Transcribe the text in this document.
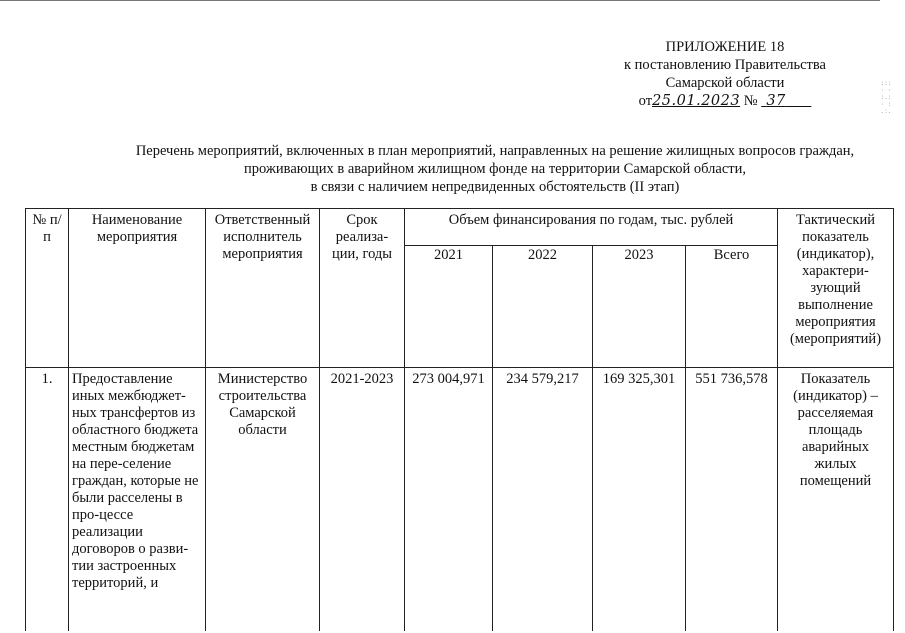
:::
· ·
:.:
· :
.:.
ПРИЛОЖЕНИЕ 18
к постановлению Правительства
Самарской области
от25.01.2023 № 37
Перечень мероприятий, включенных в план мероприятий, направленных на решение жилищных вопросов граждан,
проживающих в аварийном жилищном фонде на территории Самарской области,
в связи с наличием непредвиденных обстоятельств (II этап)
№ п/п	Наименование мероприятия	Ответственный исполнитель мероприятия	Срок реализа-ции, годы	Объем финансирования по годам, тыс. рублей				Тактический показатель (индикатор), характери-зующий выполнение мероприятия (мероприятий)
				2021	2022	2023	Всего	
1.	Предоставление иных межбюджет-ных трансфертов из областного бюджета местным бюджетам на пере-селение граждан, которые не были расселены в про-цессе реализации договоров о разви-тии застроенных территорий, и	Министерство строительства Самарской области	2021-2023	273 004,971	234 579,217	169 325,301	551 736,578	Показатель (индикатор) – расселяемая площадь аварийных жилых помещений
